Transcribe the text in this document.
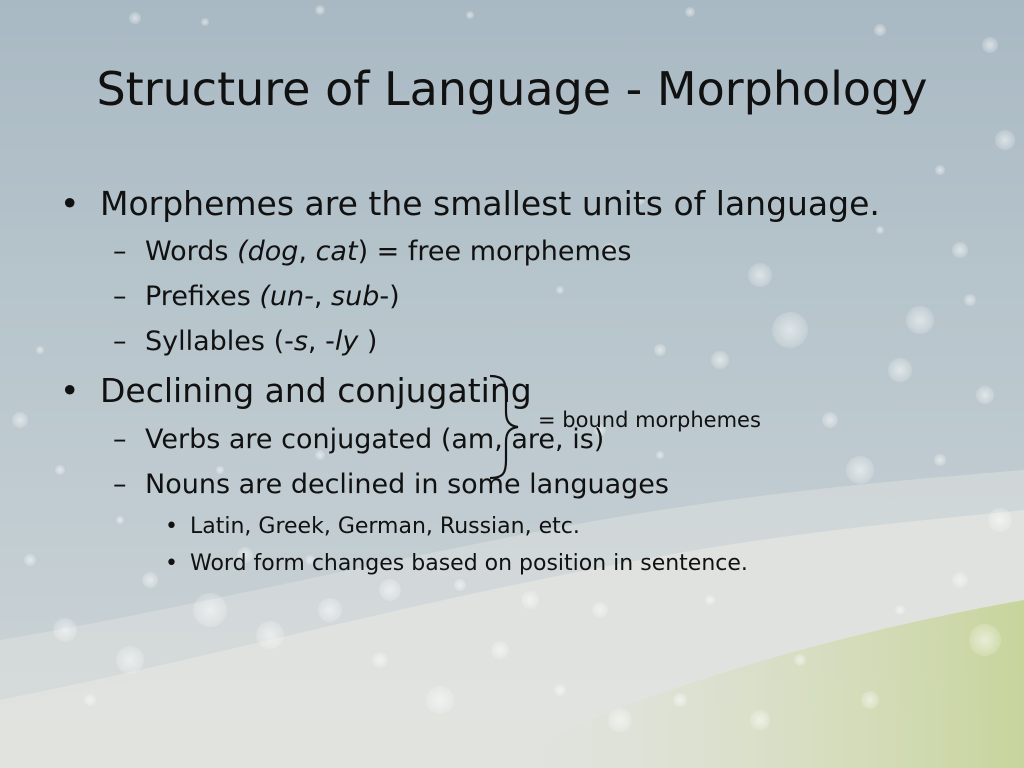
Structure of Language - Morphology
• Morphemes are the smallest units of language.
– Words (dog, cat) = free morphemes
– Prefixes (un-, sub-)
– Syllables (-s, -ly )
• Declining and conjugating
– Verbs are conjugated (am, are, is)
– Nouns are declined in some languages
• Latin, Greek, German, Russian, etc.
• Word form changes based on position in sentence.
= bound morphemes
